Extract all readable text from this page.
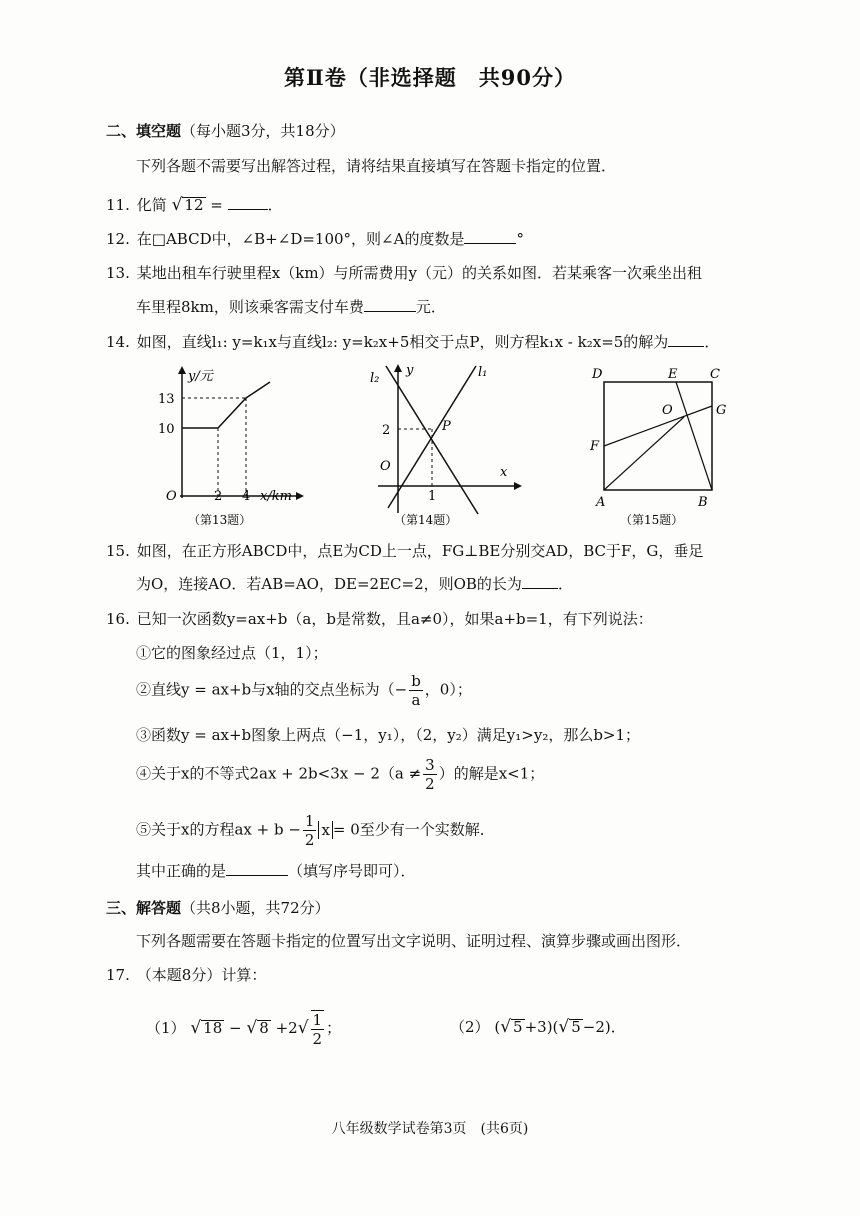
第Ⅱ卷（非选择题　共90分）
二、填空题（每小题3分，共18分）
下列各题不需要写出解答过程，请将结果直接填写在答题卡指定的位置．
11. 化简 √ 12 =	．
12. 在□ABCD中，∠B+∠D=100°，则∠A的度数是	°
13. 某地出租车行驶里程x（km）与所需费用y（元）的关系如图．若某乘客一次乘坐出租
车里程8km，则该乘客需支付车费	元．
14. 如图，直线l₁: y=k₁x与直线l₂: y=k₂x+5相交于点P，则方程k₁x - k₂x=5的解为 ．
y/元
13
10
O	2 4 x/km
（第13题）
l₂
y	l₁
2	P
x
O
1
（第14题）
D	E	C
O	G
F
A	B
（第15题）
15. 如图，在正方形ABCD中，点E为CD上一点，FG⊥BE分别交AD，BC于F，G，垂足
为O，连接AO．若AB=AO，DE=2EC=2，则OB的长为 ．
16. 已知一次函数y=ax+b（a，b是常数，且a≠0），如果a+b=1，有下列说法：
①它的图象经过点（1，1）；
②直线y = ax+b与x轴的交点坐标为（− $\frac{b}{a}$ ，0）；
③函数y = ax+b图象上两点（−1，y₁），（2，y₂）满足y₁>y₂，那么b>1；
④关于x的不等式$2ax + 2b<3x - 2(a \ne \frac{3}{2}$ ）的解是x<1；
⑤关于x的方程ax + $b - \frac{1}{2}$ x = 0至少有一个实数解．
其中正确的是	（填写序号即可）．
三、解答题（共8小题，共72分）
下列各题需要在答题卡指定的位置写出文字说明、证明过程、演算步骤或画出图形．
17. （本题8分）计算：
（1） √ 18 − √ $8 +2√ \frac{1}{2}$ ；	（2） (√ 5 +3)(√ 5 −2)．
八年级数学试卷第3页　(共6页)
